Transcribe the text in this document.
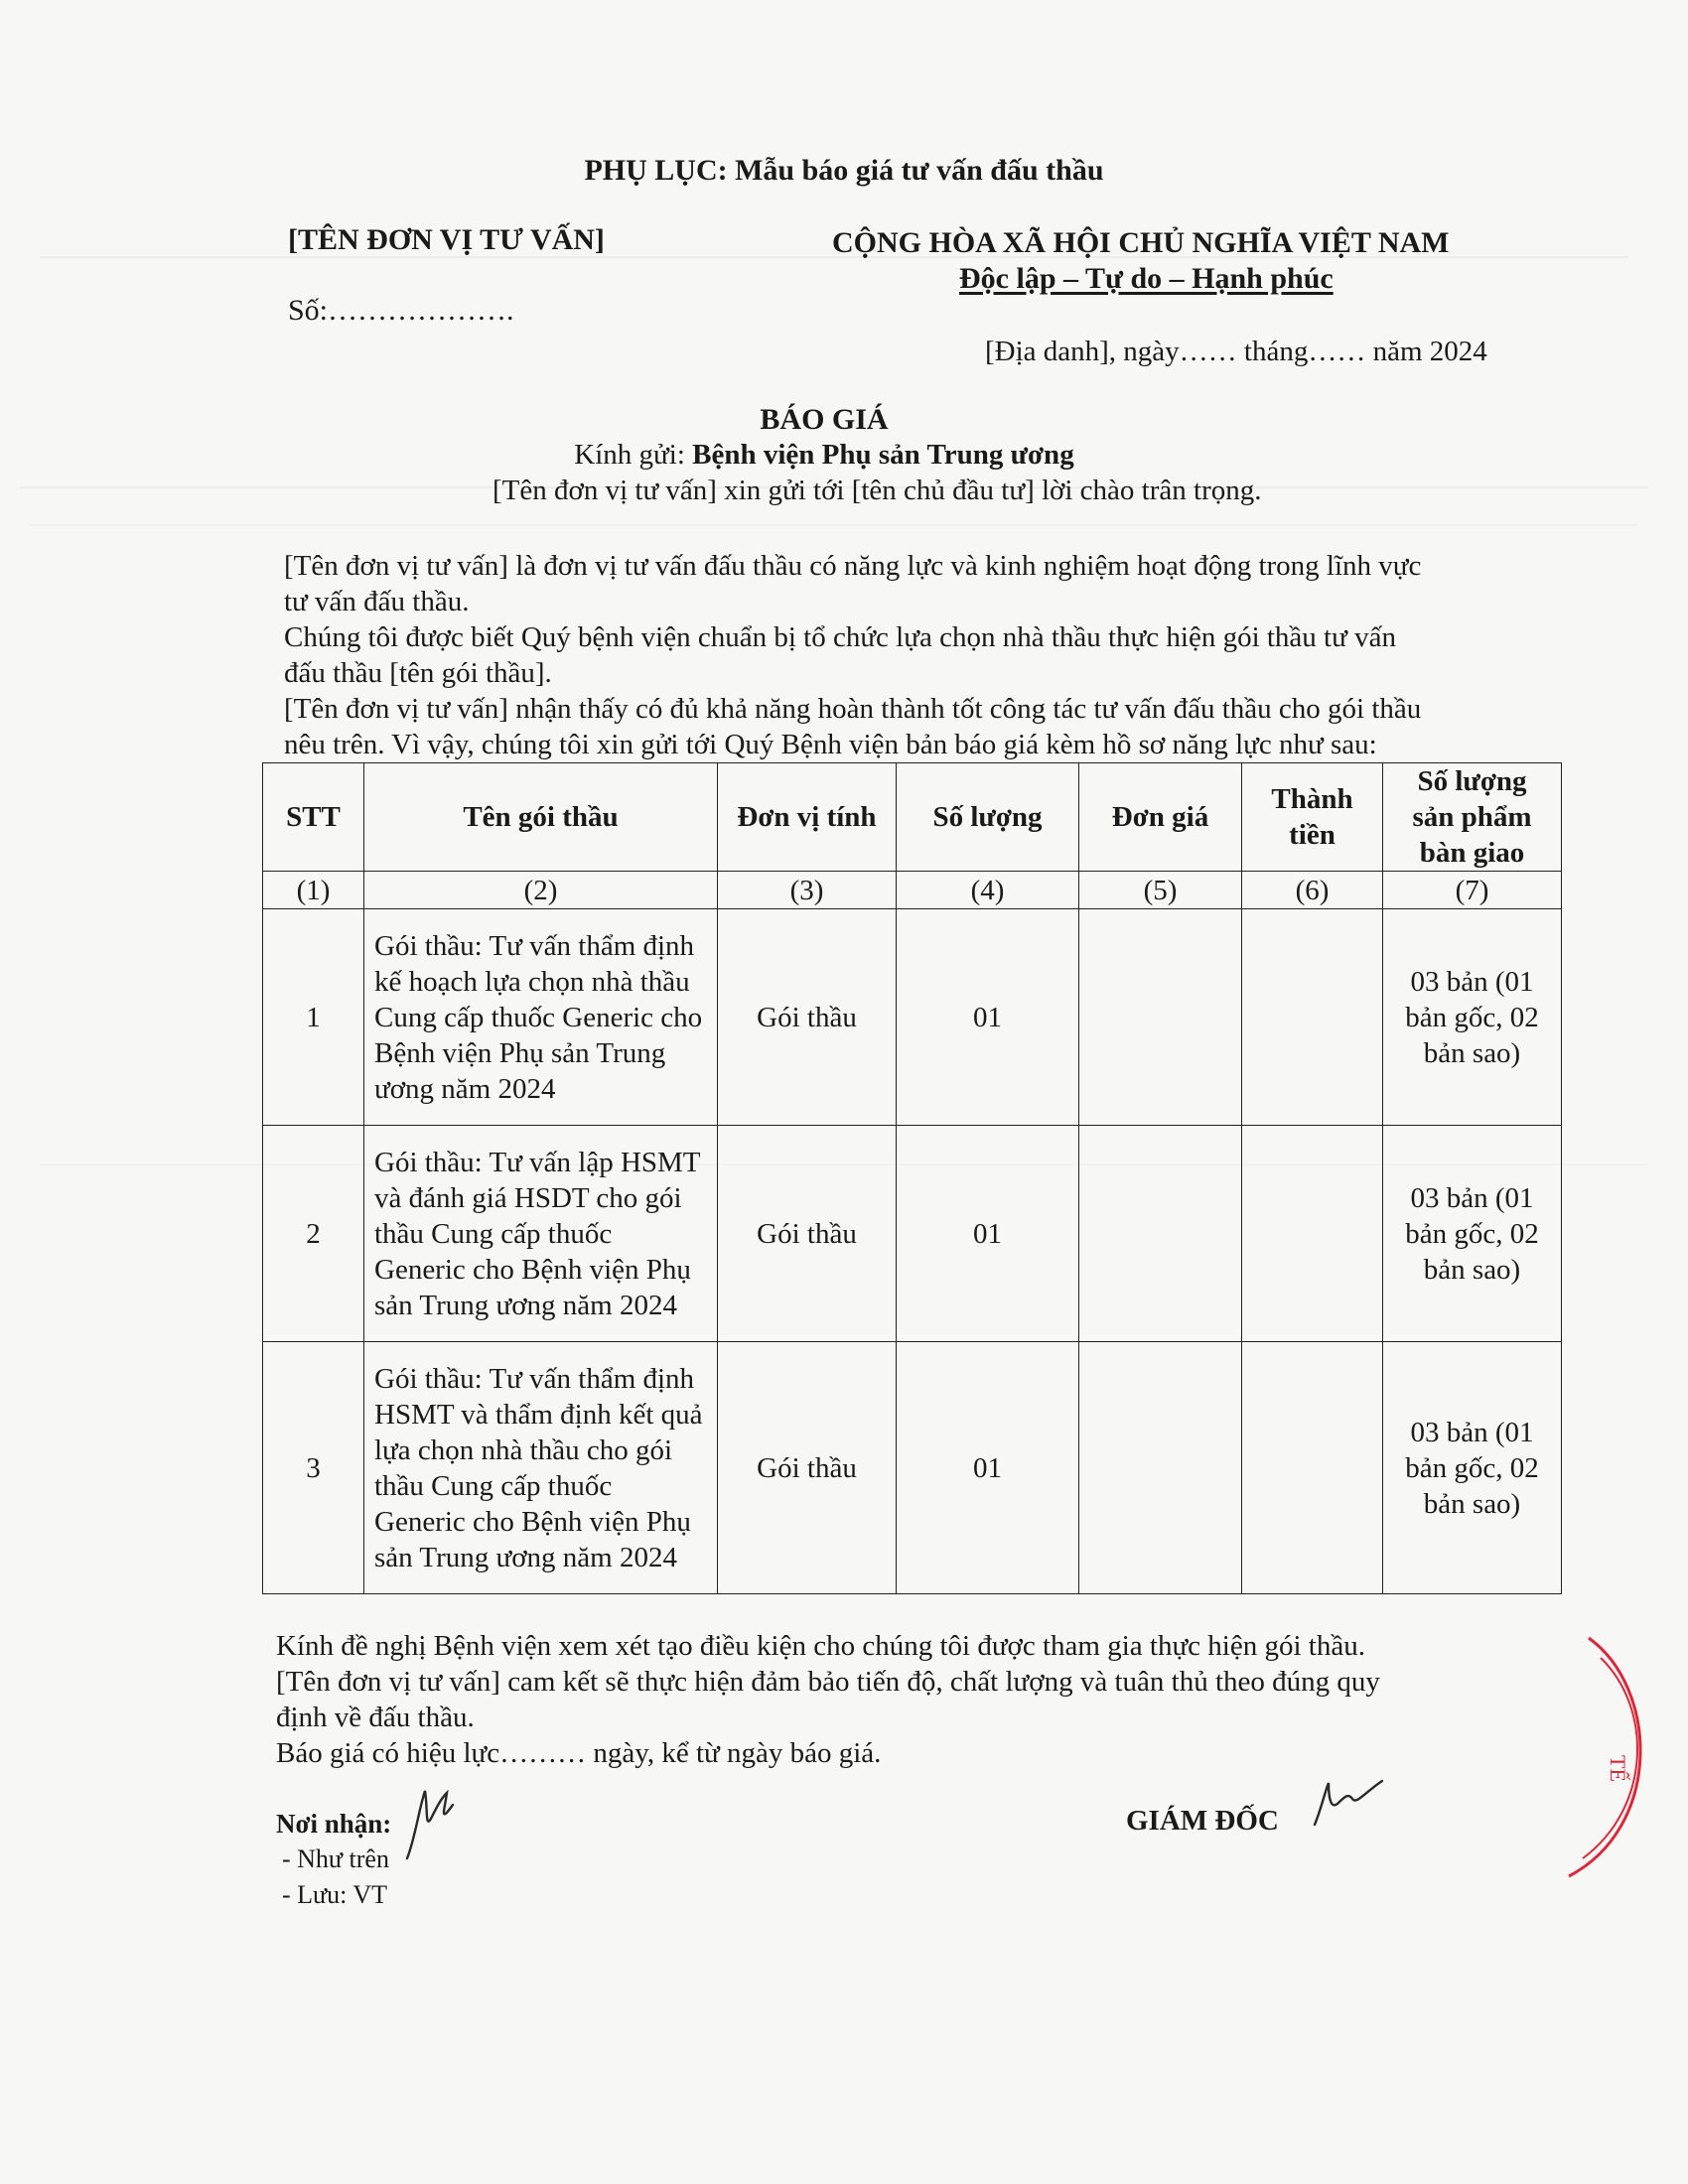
PHỤ LỤC: Mẫu báo giá tư vấn đấu thầu
[TÊN ĐƠN VỊ TƯ VẤN]
Số:……………….
CỘNG HÒA XÃ HỘI CHỦ NGHĨA VIỆT NAM
Độc lập – Tự do – Hạnh phúc
[Địa danh], ngày…… tháng…… năm 2024
BÁO GIÁ
Kính gửi: Bệnh viện Phụ sản Trung ương
[Tên đơn vị tư vấn] xin gửi tới [tên chủ đầu tư] lời chào trân trọng.
[Tên đơn vị tư vấn] là đơn vị tư vấn đấu thầu có năng lực và kinh nghiệm hoạt động trong lĩnh vực
tư vấn đấu thầu.
Chúng tôi được biết Quý bệnh viện chuẩn bị tổ chức lựa chọn nhà thầu thực hiện gói thầu tư vấn
đấu thầu [tên gói thầu].
[Tên đơn vị tư vấn] nhận thấy có đủ khả năng hoàn thành tốt công tác tư vấn đấu thầu cho gói thầu
nêu trên. Vì vậy, chúng tôi xin gửi tới Quý Bệnh viện bản báo giá kèm hồ sơ năng lực như sau:
STT	Tên gói thầu	Đơn vị tính	Số lượng	Đơn giá	Thành tiền	Số lượng sản phẩm bàn giao
(1)	(2)	(3)	(4)	(5)	(6)	(7)
1	Gói thầu: Tư vấn thẩm định kế hoạch lựa chọn nhà thầu Cung cấp thuốc Generic cho Bệnh viện Phụ sản Trung ương năm 2024	Gói thầu	01			03 bản (01 bản gốc, 02 bản sao)
2	Gói thầu: Tư vấn lập HSMT và đánh giá HSDT cho gói thầu Cung cấp thuốc Generic cho Bệnh viện Phụ sản Trung ương năm 2024	Gói thầu	01			03 bản (01 bản gốc, 02 bản sao)
3	Gói thầu: Tư vấn thẩm định HSMT và thẩm định kết quả lựa chọn nhà thầu cho gói thầu Cung cấp thuốc Generic cho Bệnh viện Phụ sản Trung ương năm 2024	Gói thầu	01			03 bản (01 bản gốc, 02 bản sao)
Kính đề nghị Bệnh viện xem xét tạo điều kiện cho chúng tôi được tham gia thực hiện gói thầu.
[Tên đơn vị tư vấn] cam kết sẽ thực hiện đảm bảo tiến độ, chất lượng và tuân thủ theo đúng quy
định về đấu thầu.
Báo giá có hiệu lực……… ngày, kể từ ngày báo giá.
Nơi nhận:
- Như trên
- Lưu: VT
GIÁM ĐỐC
TẾ
